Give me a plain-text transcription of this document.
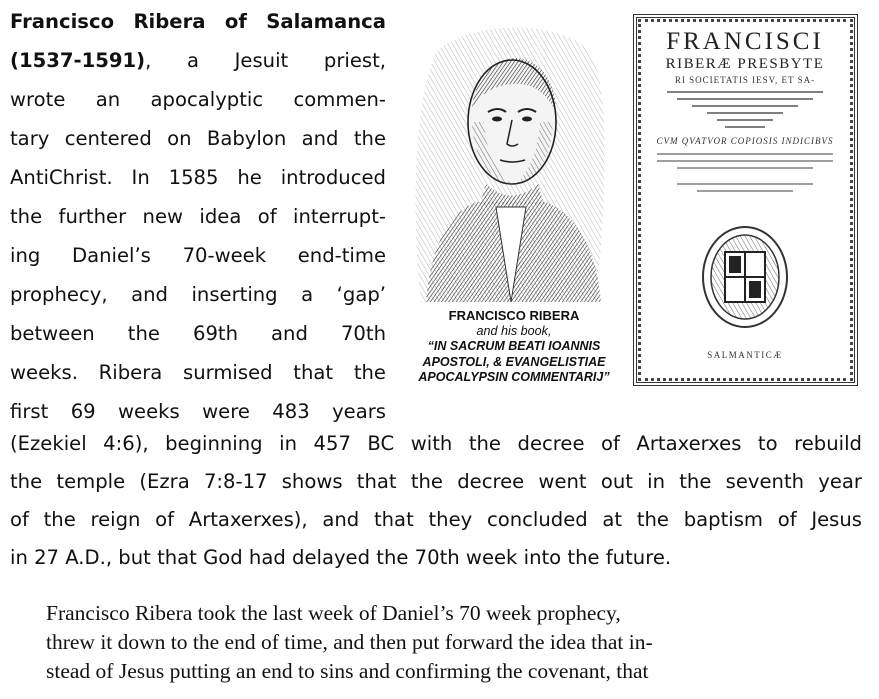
Francisco Ribera of Salamanca
(1537-1591), a Jesuit priest,
wrote an apocalyptic commen-
tary centered on Babylon and the
AntiChrist. In 1585 he introduced
the further new idea of interrupt-
ing Daniel’s 70-week end-time
prophecy, and inserting a ‘gap’
between the 69th and 70th
weeks. Ribera surmised that the
first 69 weeks were 483 years
FRANCISCO RIBERA
and his book,
“IN SACRUM BEATI IOANNIS
APOSTOLI, & EVANGELISTIAE
APOCALYPSIN COMMENTARIJ”
FRANCISCI
RIBERÆ PRESBYTE
RI SOCIETATIS IESV, ET SA-
CVM QVATVOR COPIOSIS INDICIBVS
SALMANTICÆ
(Ezekiel 4:6), beginning in 457 BC with the decree of Artaxerxes to rebuild
the temple (Ezra 7:8-17 shows that the decree went out in the seventh year
of the reign of Artaxerxes), and that they concluded at the baptism of Jesus
in 27 A.D., but that God had delayed the 70th week into the future.
Francisco Ribera took the last week of Daniel’s 70 week prophecy,
threw it down to the end of time, and then put forward the idea that in-
stead of Jesus putting an end to sins and confirming the covenant, that
